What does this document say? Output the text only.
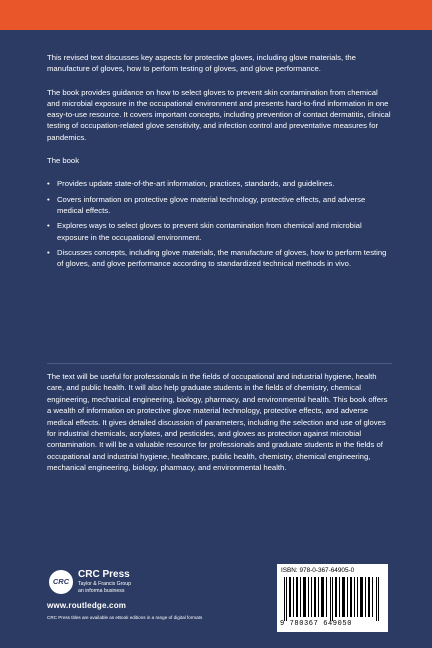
This revised text discusses key aspects for protective gloves, including glove materials, the manufacture of gloves, how to perform testing of gloves, and glove performance.

The book provides guidance on how to select gloves to prevent skin contamination from chemical and microbial exposure in the occupational environment and presents hard-to-find information in one easy-to-use resource. It covers important concepts, including prevention of contact dermatitis, clinical testing of occupation-related glove sensitivity, and infection control and preventative measures for pandemics.

The book

• Provides update state-of-the-art information, practices, standards, and guidelines.
• Covers information on protective glove material technology, protective effects, and adverse medical effects.
• Explores ways to select gloves to prevent skin contamination from chemical and microbial exposure in the occupational environment.
• Discusses concepts, including glove materials, the manufacture of gloves, how to perform testing of gloves, and glove performance according to standardized technical methods in vivo.

The text will be useful for professionals in the fields of occupational and industrial hygiene, health care, and public health. It will also help graduate students in the fields of chemistry, chemical engineering, mechanical engineering, biology, pharmacy, and environmental health. This book offers a wealth of information on protective glove material technology, protective effects, and adverse medical effects. It gives detailed discussion of parameters, including the selection and use of gloves for industrial chemicals, acrylates, and pesticides, and gloves as protection against microbial contamination. It will be a valuable resource for professionals and graduate students in the fields of occupational and industrial hygiene, healthcare, public health, chemistry, chemical engineering, mechanical engineering, biology, pharmacy, and environmental health.

CRC
CRC Press
Taylor & Francis Group
an informa business
www.routledge.com
CRC Press titles are available as eBook editions in a range of digital formats
ISBN: 978-0-367-64905-0
9 780367 649050
